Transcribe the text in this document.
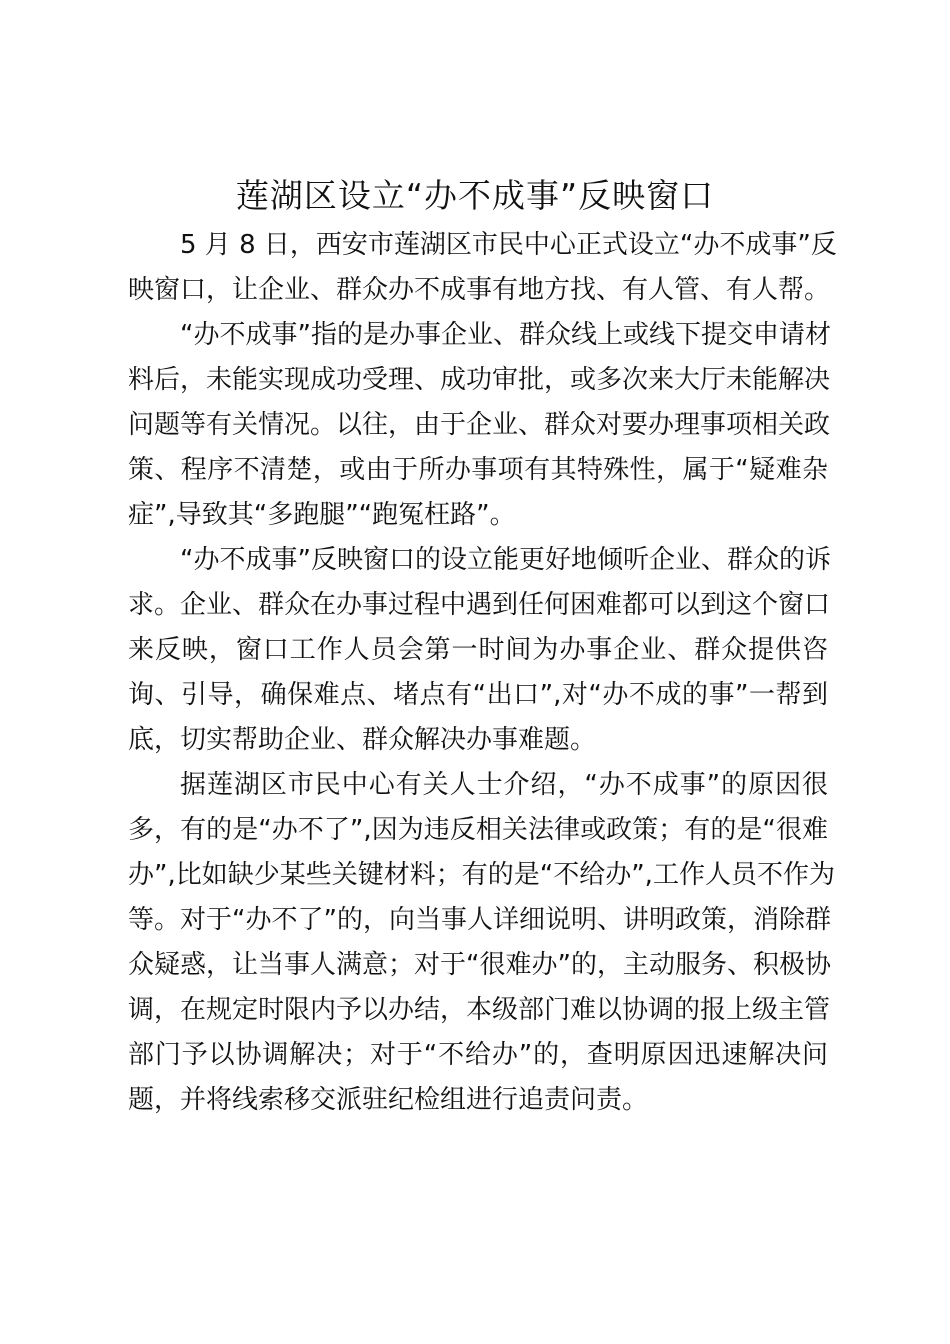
莲湖区设立“办不成事”反映窗口

5 月 8 日，西安市莲湖区市民中心正式设立“办不成事”反
映窗口，让企业、群众办不成事有地方找、有人管、有人帮。

“办不成事”指的是办事企业、群众线上或线下提交申请材
料后，未能实现成功受理、成功审批，或多次来大厅未能解决
问题等有关情况。以往，由于企业、群众对要办理事项相关政
策、程序不清楚，或由于所办事项有其特殊性，属于“疑难杂
症”,导致其“多跑腿”“跑冤枉路”。

“办不成事”反映窗口的设立能更好地倾听企业、群众的诉
求。企业、群众在办事过程中遇到任何困难都可以到这个窗口
来反映，窗口工作人员会第一时间为办事企业、群众提供咨
询、引导，确保难点、堵点有“出口”,对“办不成的事”一帮到
底，切实帮助企业、群众解决办事难题。

据莲湖区市民中心有关人士介绍，“办不成事”的原因很
多，有的是“办不了”,因为违反相关法律或政策；有的是“很难
办”,比如缺少某些关键材料；有的是“不给办”,工作人员不作为
等。对于“办不了”的，向当事人详细说明、讲明政策，消除群
众疑惑，让当事人满意；对于“很难办”的，主动服务、积极协
调，在规定时限内予以办结，本级部门难以协调的报上级主管
部门予以协调解决；对于“不给办”的，查明原因迅速解决问
题，并将线索移交派驻纪检组进行追责问责。
